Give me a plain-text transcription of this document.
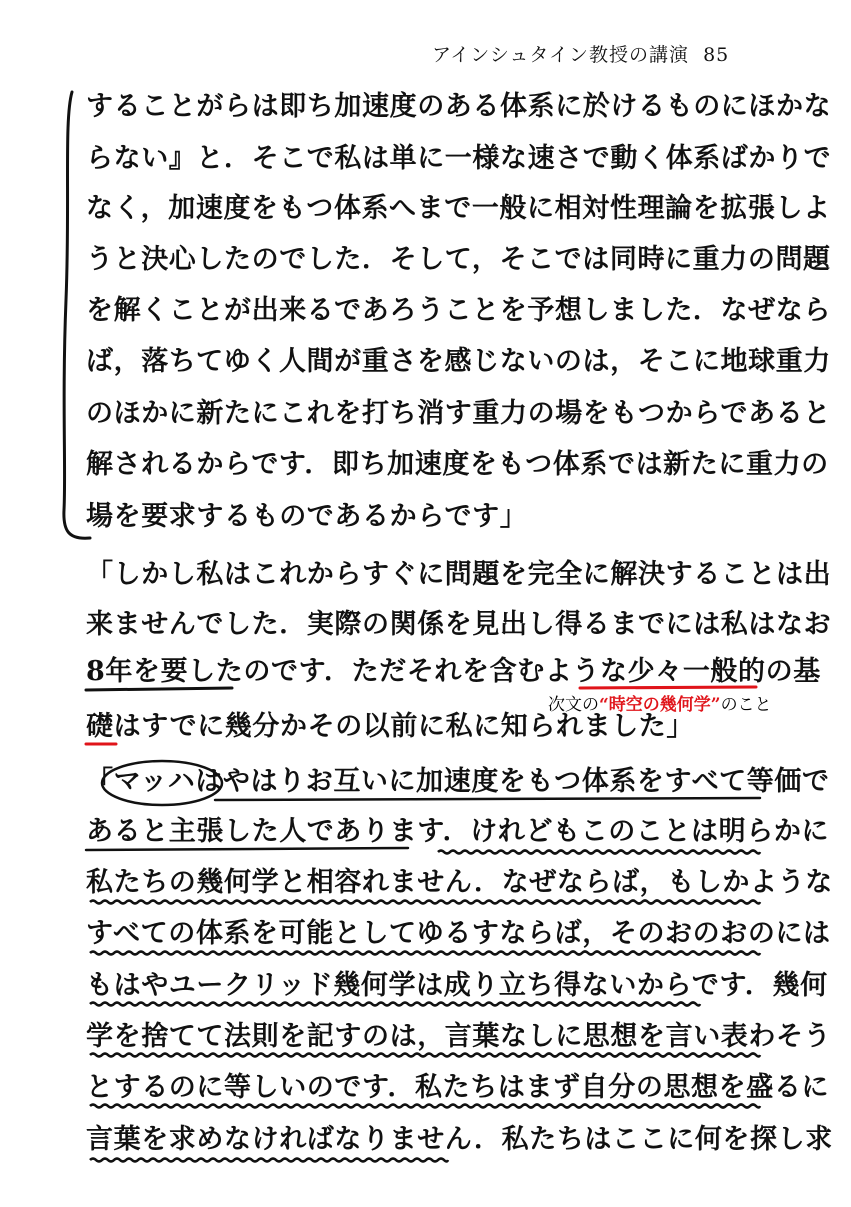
アインシュタイン教授の講演 85
することがらは即ち加速度のある体系に於けるものにほかな
らない』と．そこで私は単に一様な速さで動く体系ばかりで
なく，加速度をもつ体系へまで一般に相対性理論を拡張しよ
うと決心したのでした．そして，そこでは同時に重力の問題
を解くことが出来るであろうことを予想しました．なぜなら
ば，落ちてゆく人間が重さを感じないのは，そこに地球重力
のほかに新たにこれを打ち消す重力の場をもつからであると
解されるからです．即ち加速度をもつ体系では新たに重力の
場を要求するものであるからです」
「しかし私はこれからすぐに問題を完全に解決することは出
来ませんでした．実際の関係を見出し得るまでには私はなお
8年を要したのです．ただそれを含むような少々一般的の基
礎はすでに幾分かその以前に私に知られました」
「マッハはやはりお互いに加速度をもつ体系をすべて等価で
あると主張した人であります．けれどもこのことは明らかに
私たちの幾何学と相容れません．なぜならば，もしかような
すべての体系を可能としてゆるすならば，そのおのおのには
もはやユークリッド幾何学は成り立ち得ないからです．幾何
学を捨てて法則を記すのは，言葉なしに思想を言い表わそう
とするのに等しいのです．私たちはまず自分の思想を盛るに
言葉を求めなければなりません．私たちはここに何を探し求
次文の“時空の幾何学”のこと
